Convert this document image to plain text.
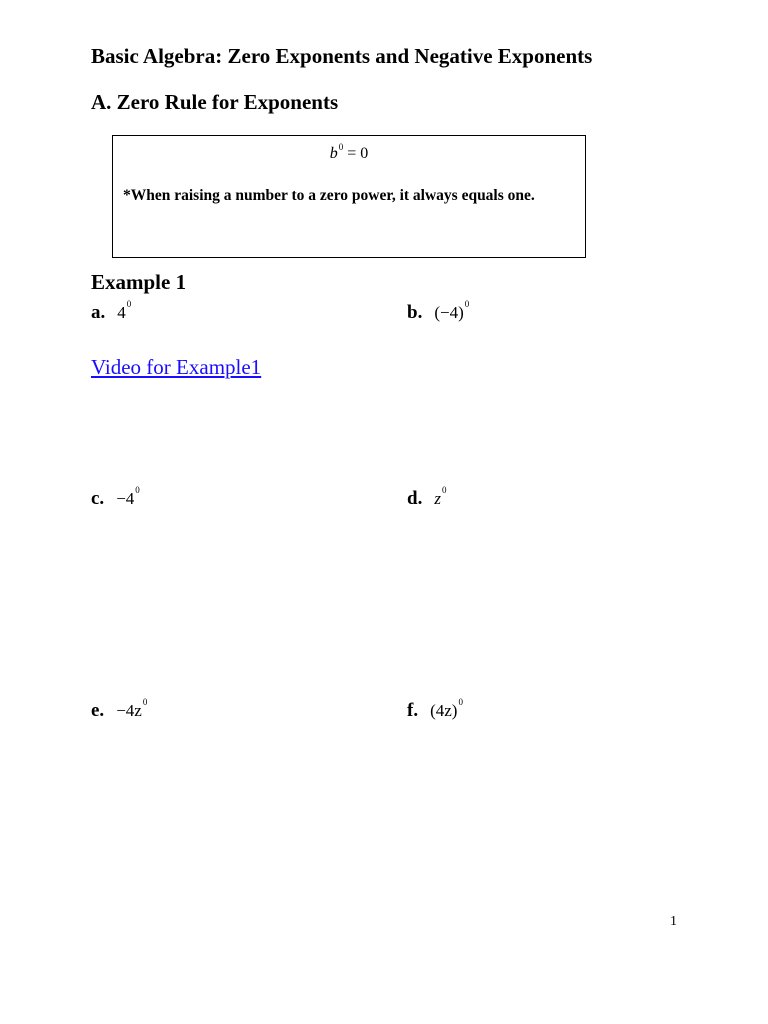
Basic Algebra: Zero Exponents and Negative Exponents
A. Zero Rule for Exponents
$b^0 = 0$
*When raising a number to a zero power, it always equals one.
Example 1
a. $4^0$	b. $(-4)^0$
Video for Example1
c. $-4^0$	d. $z^0$
e. $-4z^0$	f. $(4z)^0$
1
